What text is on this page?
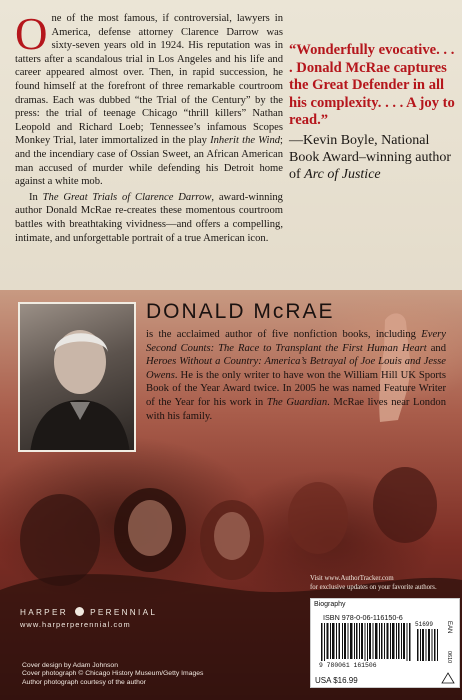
One of the most famous, if controversial, lawyers in America, defense attorney Clarence Darrow was sixty-seven years old in 1924. His reputation was in tatters after a scandalous trial in Los Angeles and his life and career appeared almost over. Then, in rapid succession, he found himself at the forefront of three remarkable courtroom dramas. Each was dubbed “the Trial of the Century” by the press: the trial of teenage Chicago “thrill killers” Nathan Leopold and Richard Loeb; Tennessee’s infamous Scopes Monkey Trial, later immortalized in the play Inherit the Wind; and the incendiary case of Ossian Sweet, an African American man accused of murder while defending his Detroit home against a white mob.

In The Great Trials of Clarence Darrow, award-winning author Donald McRae re-creates these momentous courtroom battles with breathtaking vividness—and offers a compelling, intimate, and unforgettable portrait of a true American icon.

“Wonderfully evocative. . . . Donald McRae captures the Great Defender in all his complexity. . . . A joy to read.”
—Kevin Boyle, National Book Award–winning author of Arc of Justice
DONALD McRAE
is the acclaimed author of five nonfiction books, including Every Second Counts: The Race to Transplant the First Human Heart and Heroes Without a Country: America’s Betrayal of Joe Louis and Jesse Owens. He is the only writer to have won the William Hill UK Sports Book of the Year Award twice. In 2005 he was named Feature Writer of the Year for his work in The Guardian. McRae lives near London with his family.
Visit www.AuthorTracker.com
for exclusive updates on your favorite authors.
Biography
ISBN 978-0-06-116150-6
51699
9 780061 161506
EAN
0610
USA $16.99
HARPER	PERENNIAL
www.harperperennial.com
Cover design by Adam Johnson
Cover photograph © Chicago History Museum/Getty Images
Author photograph courtesy of the author
